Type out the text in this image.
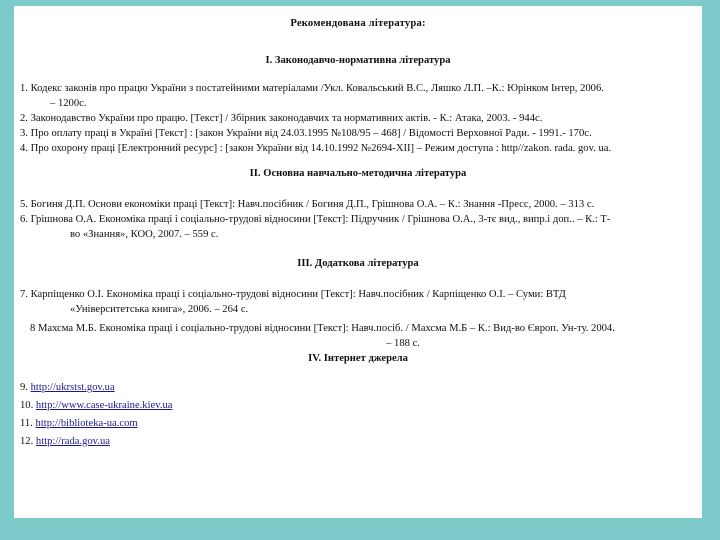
Рекомендована література:
І. Законодавчо-нормативна література
1. Кодекс законів про працю України з постатейними матеріалами /Укл. Ковальський В.С., Ляшко Л.П. –К.: Юрінком Інтер, 2006.
– 1200с.
2. Законодавство України про працю. [Текст] / Збірник законодавчих та нормативних актів. - К.: Атака, 2003. - 944с.
3. Про оплату праці в Україні [Текст] : [закон України від 24.03.1995 №108/95 – 468] / Відомості Верховної Ради. - 1991.- 170с.
4. Про охорону праці [Електронний ресурс] : [закон України від 14.10.1992 №2694-XII] – Режим доступа : http//zakon. rada. gov. ua.
ІІ. Основна навчально-методична література
5. Богиня Д.П. Основи економіки праці [Текст]: Навч.посібник / Богиня Д.П., Грішнова О.А. – К.: Знання -Пресс, 2000. – 313 с.
6. Грішнова О.А. Економіка праці і соціально-трудові відносини [Текст]: Підручник / Грішнова О.А., 3-тє вид., випр.і доп.. – К.: Т-
во «Знання», КОО, 2007. – 559 с.
ІІІ. Додаткова література
7. Карпіщенко О.І. Економіка праці і соціально-трудові відносини [Текст]: Навч.посібник / Карпіщенко О.І. – Суми: ВТД
«Університетська книга», 2006. – 264 с.
8 Махсма М.Б. Економіка праці і соціально-трудові відносини [Текст]: Навч.посіб. / Махсма М.Б – К.: Вид-во Європ. Ун-ту. 2004.
– 188 с.
ІV. Інтернет джерела
9. http://ukrstst.gov.ua
10. http://www.case-ukraine.kiev.ua
11. http://biblioteka-ua.com
12. http://rada.gov.ua
